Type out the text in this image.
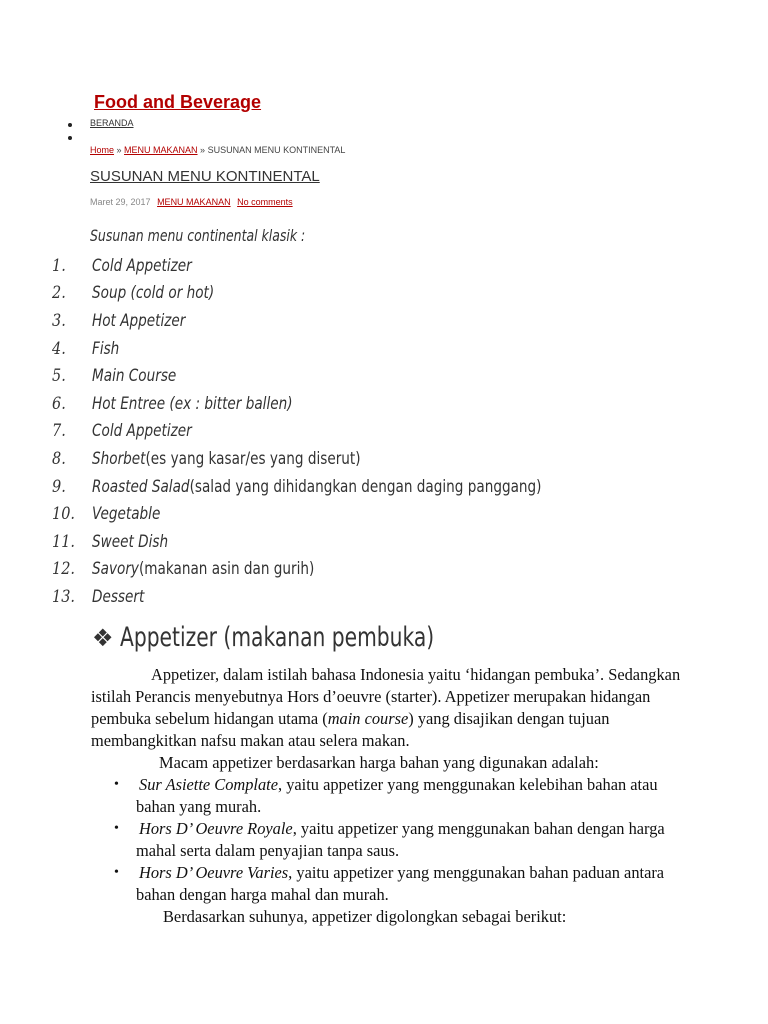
Food and Beverage
BERANDA
Home » MENU MAKANAN » SUSUNAN MENU KONTINENTAL
SUSUNAN MENU KONTINENTAL
Maret 29, 2017 MENU MAKANAN No comments
Susunan menu continental klasik :
1.	Cold Appetizer
2.	Soup (cold or hot)
3.	Hot Appetizer
4.	Fish
5.	Main Course
6.	Hot Entree (ex : bitter ballen)
7.	Cold Appetizer
8.	Shorbet(es yang kasar/es yang diserut)
9.	Roasted Salad(salad yang dihidangkan dengan daging panggang)
10.	Vegetable
11.	Sweet Dish
12.	Savory(makanan asin dan gurih)
13.	Dessert
❖ Appetizer (makanan pembuka)

Appetizer, dalam istilah bahasa Indonesia yaitu ‘hidangan pembuka’. Sedangkan istilah Perancis menyebutnya Hors d’oeuvre (starter). Appetizer merupakan hidangan pembuka sebelum hidangan utama (main course) yang disajikan dengan tujuan membangkitkan nafsu makan atau selera makan.

Macam appetizer berdasarkan harga bahan yang digunakan adalah:

• Sur Asiette Complate, yaitu appetizer yang menggunakan kelebihan bahan atau bahan yang murah.
• Hors D’ Oeuvre Royale, yaitu appetizer yang menggunakan bahan dengan harga mahal serta dalam penyajian tanpa saus.
• Hors D’ Oeuvre Varies, yaitu appetizer yang menggunakan bahan paduan antara bahan dengan harga mahal dan murah.

Berdasarkan suhunya, appetizer digolongkan sebagai berikut:
